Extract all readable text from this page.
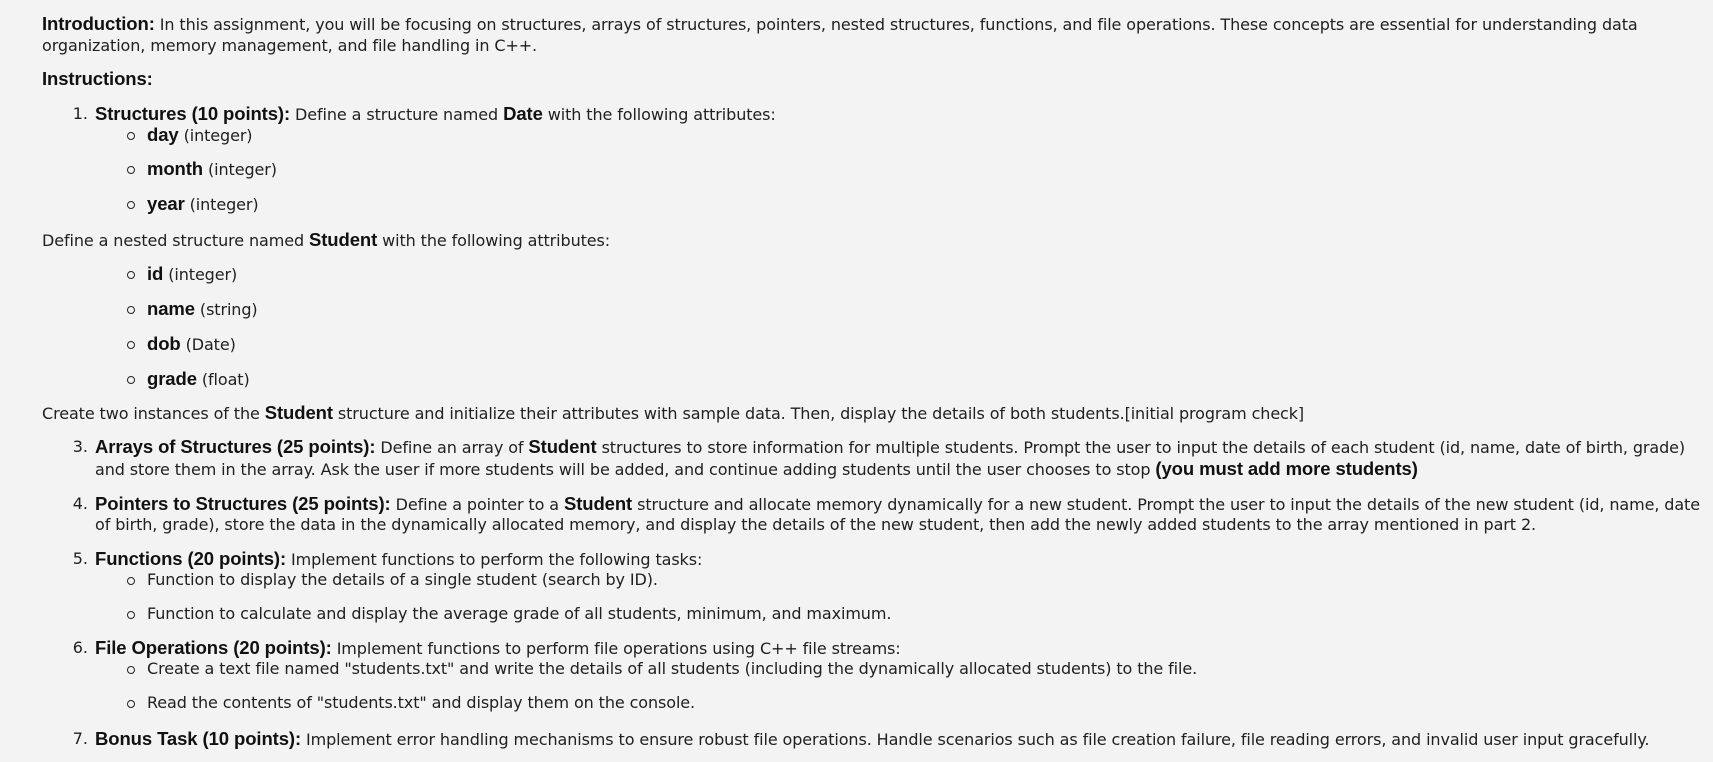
Introduction: In this assignment, you will be focusing on structures, arrays of structures, pointers, nested structures, functions, and file operations. These concepts are essential for understanding data
organization, memory management, and file handling in C++.
Instructions:
1. Structures (10 points): Define a structure named Date with the following attributes:
day (integer)
month (integer)
year (integer)
Define a nested structure named Student with the following attributes:
id (integer)
name (string)
dob (Date)
grade (float)
Create two instances of the Student structure and initialize their attributes with sample data. Then, display the details of both students.[initial program check]
3. Arrays of Structures (25 points): Define an array of Student structures to store information for multiple students. Prompt the user to input the details of each student (id, name, date of birth, grade)
and store them in the array. Ask the user if more students will be added, and continue adding students until the user chooses to stop (you must add more students)
4. Pointers to Structures (25 points): Define a pointer to a Student structure and allocate memory dynamically for a new student. Prompt the user to input the details of the new student (id, name, date
of birth, grade), store the data in the dynamically allocated memory, and display the details of the new student, then add the newly added students to the array mentioned in part 2.
5. Functions (20 points): Implement functions to perform the following tasks:
Function to display the details of a single student (search by ID).
Function to calculate and display the average grade of all students, minimum, and maximum.
6. File Operations (20 points): Implement functions to perform file operations using C++ file streams:
Create a text file named "students.txt" and write the details of all students (including the dynamically allocated students) to the file.
Read the contents of "students.txt" and display them on the console.
7. Bonus Task (10 points): Implement error handling mechanisms to ensure robust file operations. Handle scenarios such as file creation failure, file reading errors, and invalid user input gracefully.
